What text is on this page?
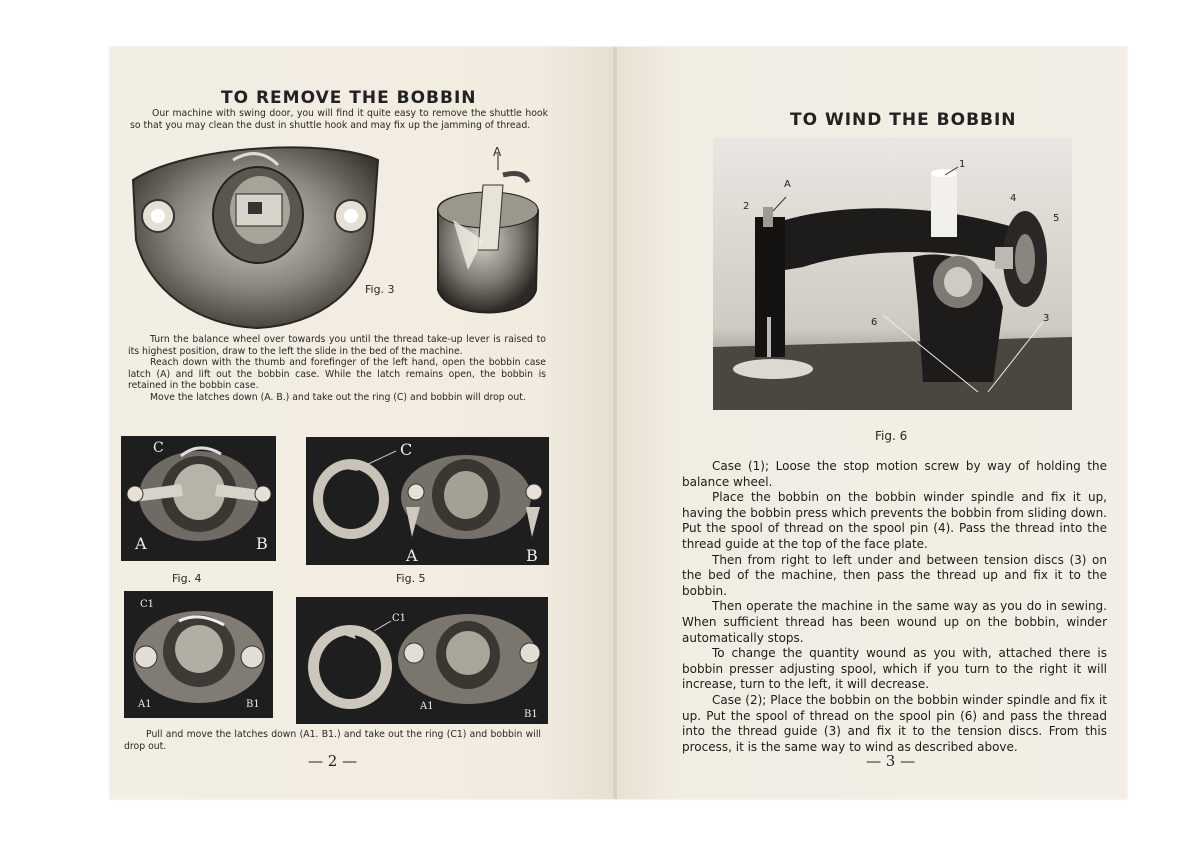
TO REMOVE THE BOBBIN

Our machine with swing door, you will find it quite easy to remove the shuttle hook so that you may clean the dust in shuttle hook and may fix up the jamming of thread.

A
Fig. 3

Turn the balance wheel over towards you until the thread take-up lever is raised to its highest position, draw to the left the slide in the bed of the machine.

Reach down with the thumb and forefinger of the left hand, open the bobbin case latch (A) and lift out the bobbin case. While the latch remains open, the bobbin is retained in the bobbin case.

Move the latches down (A. B.) and take out the ring (C) and bobbin will drop out.

C
A	B
C
A	B
Fig. 4	Fig. 5
C1
A1	B1
C1
A1
B1

Pull and move the latches down (A1. B1.) and take out the ring (C1) and bobbin will drop out.

— 2 —
TO WIND THE BOBBIN
A
1
2
4
5
6	3
Fig. 6

Case (1); Loose the stop motion screw by way of holding the balance wheel.

Place the bobbin on the bobbin winder spindle and fix it up, having the bobbin press which prevents the bobbin from sliding down. Put the spool of thread on the spool pin (4). Pass the thread into the thread guide at the top of the face plate.

Then from right to left under and between tension discs (3) on the bed of the machine, then pass the thread up and fix it to the bobbin.

Then operate the machine in the same way as you do in sewing. When sufficient thread has been wound up on the bobbin, winder automatically stops.

To change the quantity wound as you with, attached there is bobbin presser adjusting spool, which if you turn to the right it will increase, turn to the left, it will decrease.

Case (2); Place the bobbin on the bobbin winder spindle and fix it up. Put the spool of thread on the spool pin (6) and pass the thread into the thread guide (3) and fix it to the tension discs. From this process, it is the same way to wind as described above.

— 3 —
